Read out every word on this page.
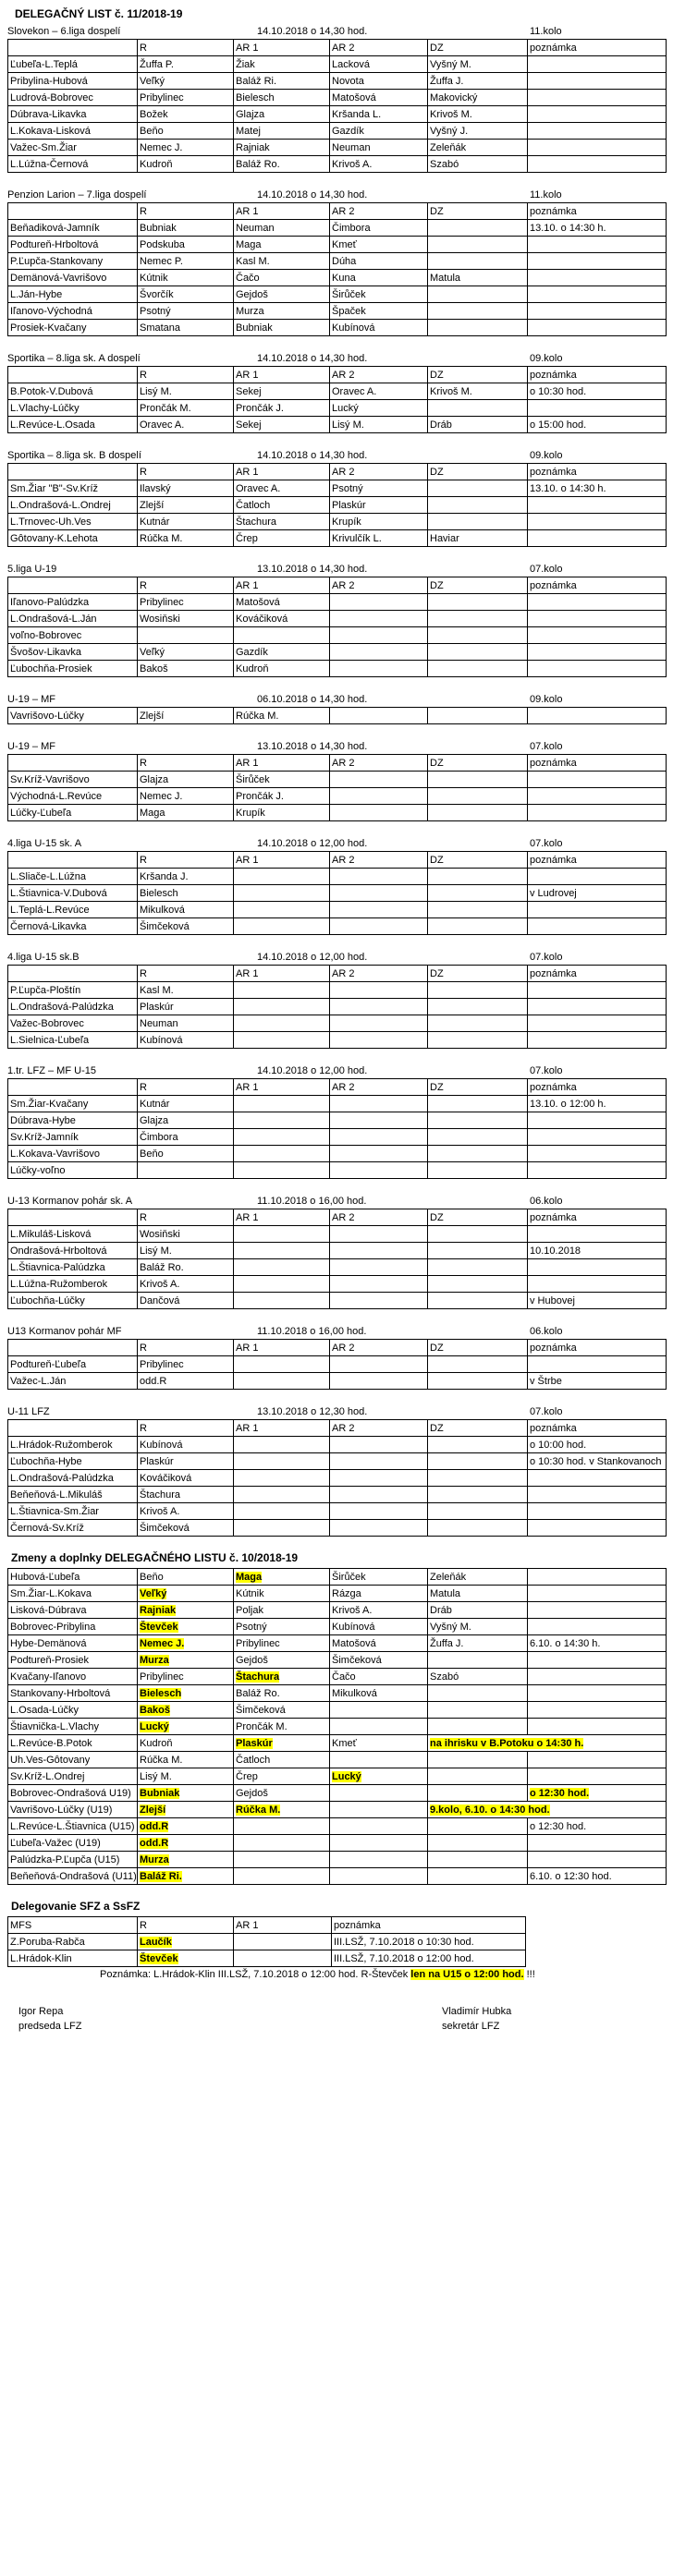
DELEGAČNÝ LIST č. 11/2018-19
Slovekon – 6.liga dospelí	14.10.2018 o 14,30 hod.	11.kolo
	R	AR 1	AR 2	DZ	poznámka
Ľubeľa-L.Teplá	Žuffa P.	Žiak	Lacková	Vyšný M.	
Pribylina-Hubová	Veľký	Baláž Ri.	Novota	Žuffa J.	
Ludrová-Bobrovec	Pribylinec	Bielesch	Matošová	Makovický	
Dúbrava-Likavka	Božek	Glajza	Kršanda L.	Krivoš M.	
L.Kokava-Lisková	Beňo	Matej	Gazdík	Vyšný J.	
Važec-Sm.Žiar	Nemec J.	Rajniak	Neuman	Zeleňák	
L.Lúžna-Černová	Kudroň	Baláž Ro.	Krivoš A.	Szabó	
Penzion Larion – 7.liga dospelí	14.10.2018 o 14,30 hod.	11.kolo
	R	AR 1	AR 2	DZ	poznámka
Beňadiková-Jamník	Bubniak	Neuman	Čimbora		13.10. o 14:30 h.
Podtureň-Hrboltová	Podskuba	Maga	Kmeť		
P.Ľupča-Stankovany	Nemec P.	Kasl M.	Dúha		
Demänová-Vavrišovo	Kútnik	Čačo	Kuna	Matula	
L.Ján-Hybe	Švorčík	Gejdoš	Širůček		
Iľanovo-Východná	Psotný	Murza	Špaček		
Prosiek-Kvačany	Smatana	Bubniak	Kubínová		
Sportika – 8.liga sk. A dospelí	14.10.2018 o 14,30 hod.	09.kolo
	R	AR 1	AR 2	DZ	poznámka
B.Potok-V.Dubová	Lisý M.	Sekej	Oravec A.	Krivoš M.	o 10:30 hod.
L.Vlachy-Lúčky	Prončák M.	Prončák J.	Lucký		
L.Revúce-L.Osada	Oravec A.	Sekej	Lisý M.	Dráb	o 15:00 hod.
Sportika – 8.liga sk. B dospelí	14.10.2018 o 14,30 hod.	09.kolo
	R	AR 1	AR 2	DZ	poznámka
Sm.Žiar "B"-Sv.Kríž	Ilavský	Oravec A.	Psotný		13.10. o 14:30 h.
L.Ondrašová-L.Ondrej	Zlejší	Čatloch	Plaskúr		
L.Trnovec-Uh.Ves	Kutnár	Štachura	Krupík		
Gôtovany-K.Lehota	Rúčka M.	Črep	Krivulčík L.	Haviar	
5.liga U-19	13.10.2018 o 14,30 hod.	07.kolo
	R	AR 1	AR 2	DZ	poznámka
Iľanovo-Palúdzka	Pribylinec	Matošová			
L.Ondrašová-L.Ján	Wosiňski	Kováčiková			
voľno-Bobrovec					
Švošov-Likavka	Veľký	Gazdík			
Ľubochňa-Prosiek	Bakoš	Kudroň			
U-19 – MF	06.10.2018 o 14,30 hod.	09.kolo
Vavrišovo-Lúčky	Zlejší	Rúčka M.			
U-19 – MF	13.10.2018 o 14,30 hod.	07.kolo
	R	AR 1	AR 2	DZ	poznámka
Sv.Kríž-Vavrišovo	Glajza	Širůček			
Východná-L.Revúce	Nemec J.	Prončák J.			
Lúčky-Ľubeľa	Maga	Krupík			
4.liga U-15 sk. A	14.10.2018 o 12,00 hod.	07.kolo
	R	AR 1	AR 2	DZ	poznámka
L.Sliače-L.Lúžna	Kršanda J.				
L.Štiavnica-V.Dubová	Bielesch				v Ludrovej
L.Teplá-L.Revúce	Mikulková				
Černová-Likavka	Šimčeková				
4.liga U-15 sk.B	14.10.2018 o 12,00 hod.	07.kolo
	R	AR 1	AR 2	DZ	poznámka
P.Ľupča-Ploštín	Kasl M.				
L.Ondrašová-Palúdzka	Plaskúr				
Važec-Bobrovec	Neuman				
L.Sielnica-Ľubeľa	Kubínová				
1.tr. LFZ – MF U-15	14.10.2018 o 12,00 hod.	07.kolo
	R	AR 1	AR 2	DZ	poznámka
Sm.Žiar-Kvačany	Kutnár				13.10. o 12:00 h.
Dúbrava-Hybe	Glajza				
Sv.Kríž-Jamník	Čimbora				
L.Kokava-Vavrišovo	Beňo				
Lúčky-voľno					
U-13 Kormanov pohár sk. A	11.10.2018 o 16,00 hod.	06.kolo
	R	AR 1	AR 2	DZ	poznámka
L.Mikuláš-Lisková	Wosiňski				
Ondrašová-Hrboltová	Lisý M.				10.10.2018
L.Štiavnica-Palúdzka	Baláž Ro.				
L.Lúžna-Ružomberok	Krivoš A.				
Ľubochňa-Lúčky	Dančová				v Hubovej
U13 Kormanov pohár MF	11.10.2018 o 16,00 hod.	06.kolo
	R	AR 1	AR 2	DZ	poznámka
Podtureň-Ľubeľa	Pribylinec				
Važec-L.Ján	odd.R				v Štrbe
U-11 LFZ	13.10.2018 o 12,30 hod.	07.kolo
	R	AR 1	AR 2	DZ	poznámka
L.Hrádok-Ružomberok	Kubínová				o 10:00 hod.
Ľubochňa-Hybe	Plaskúr				o 10:30 hod. v Stankovanoch
L.Ondrašová-Palúdzka	Kováčiková				
Beňeňová-L.Mikuláš	Štachura				
L.Štiavnica-Sm.Žiar	Krivoš A.				
Černová-Sv.Kríž	Šimčeková				
Zmeny a doplnky DELEGAČNÉHO LISTU č. 10/2018-19
Hubová-Ľubeľa	Beňo	Maga	Širůček	Zeleňák	
Sm.Žiar-L.Kokava	Veľký	Kútnik	Rázga	Matula	
Lisková-Dúbrava	Rajniak	Poljak	Krivoš A.	Dráb	
Bobrovec-Pribylina	Števček	Psotný	Kubínová	Vyšný M.	
Hybe-Demänová	Nemec J.	Pribylinec	Matošová	Žuffa J.	6.10. o 14:30 h.
Podtureň-Prosiek	Murza	Gejdoš	Šimčeková		
Kvačany-Iľanovo	Pribylinec	Štachura	Čačo	Szabó	
Stankovany-Hrboltová	Bielesch	Baláž Ro.	Mikulková		
L.Osada-Lúčky	Bakoš	Šimčeková			
Štiavnička-L.Vlachy	Lucký	Prončák M.			
L.Revúce-B.Potok	Kudroň	Plaskúr	Kmeť	na ihrisku v B.Potoku o 14:30 h.	
Uh.Ves-Gôtovany	Rúčka M.	Čatloch			
Sv.Kríž-L.Ondrej	Lisý M.	Črep	Lucký		
Bobrovec-Ondrašová U19)	Bubniak	Gejdoš			o 12:30 hod.
Vavrišovo-Lúčky (U19)	Zlejší	Rúčka M.		9.kolo, 6.10. o 14:30 hod.	
L.Revúce-L.Štiavnica (U15)	odd.R				o 12:30 hod.
Ľubeľa-Važec (U19)	odd.R				
Palúdzka-P.Ľupča (U15)	Murza				
Beňeňová-Ondrašová (U11)	Baláž Ri.				6.10. o 12:30 hod.
Delegovanie SFZ a SsFZ
MFS	R	AR 1	poznámka
Z.Poruba-Rabča	Laučík		III.LSŽ, 7.10.2018 o 10:30 hod.
L.Hrádok-Klin	Števček		III.LSŽ, 7.10.2018 o 12:00 hod.
Poznámka: L.Hrádok-Klin III.LSŽ, 7.10.2018 o 12:00 hod. R-Števček len na U15 o 12:00 hod. !!!
Igor Repa
predseda LFZ
Vladimír Hubka
sekretár LFZ
